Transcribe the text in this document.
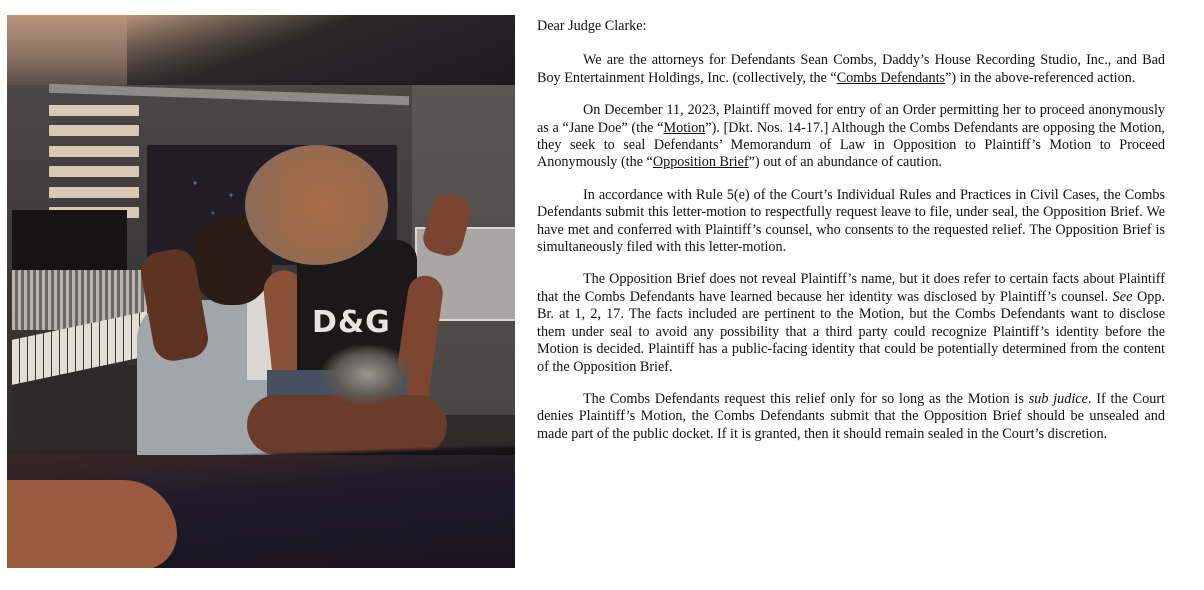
D&G

Dear Judge Clarke:

We are the attorneys for Defendants Sean Combs, Daddy’s House Recording Studio, Inc., and Bad Boy Entertainment Holdings, Inc. (collectively, the “Combs Defendants”) in the above-referenced action.

On December 11, 2023, Plaintiff moved for entry of an Order permitting her to proceed anonymously as a “Jane Doe” (the “Motion”). [Dkt. Nos. 14-17.] Although the Combs Defendants are opposing the Motion, they seek to seal Defendants’ Memorandum of Law in Opposition to Plaintiff’s Motion to Proceed Anonymously (the “Opposition Brief”) out of an abundance of caution.

In accordance with Rule 5(e) of the Court’s Individual Rules and Practices in Civil Cases, the Combs Defendants submit this letter-motion to respectfully request leave to file, under seal, the Opposition Brief. We have met and conferred with Plaintiff’s counsel, who consents to the requested relief. The Opposition Brief is simultaneously filed with this letter-motion.

The Opposition Brief does not reveal Plaintiff’s name, but it does refer to certain facts about Plaintiff that the Combs Defendants have learned because her identity was disclosed by Plaintiff’s counsel. See Opp. Br. at 1, 2, 17. The facts included are pertinent to the Motion, but the Combs Defendants want to disclose them under seal to avoid any possibility that a third party could recognize Plaintiff’s identity before the Motion is decided. Plaintiff has a public-facing identity that could be potentially determined from the content of the Opposition Brief.

The Combs Defendants request this relief only for so long as the Motion is sub judice. If the Court denies Plaintiff’s Motion, the Combs Defendants submit that the Opposition Brief should be unsealed and made part of the public docket. If it is granted, then it should remain sealed in the Court’s discretion.
